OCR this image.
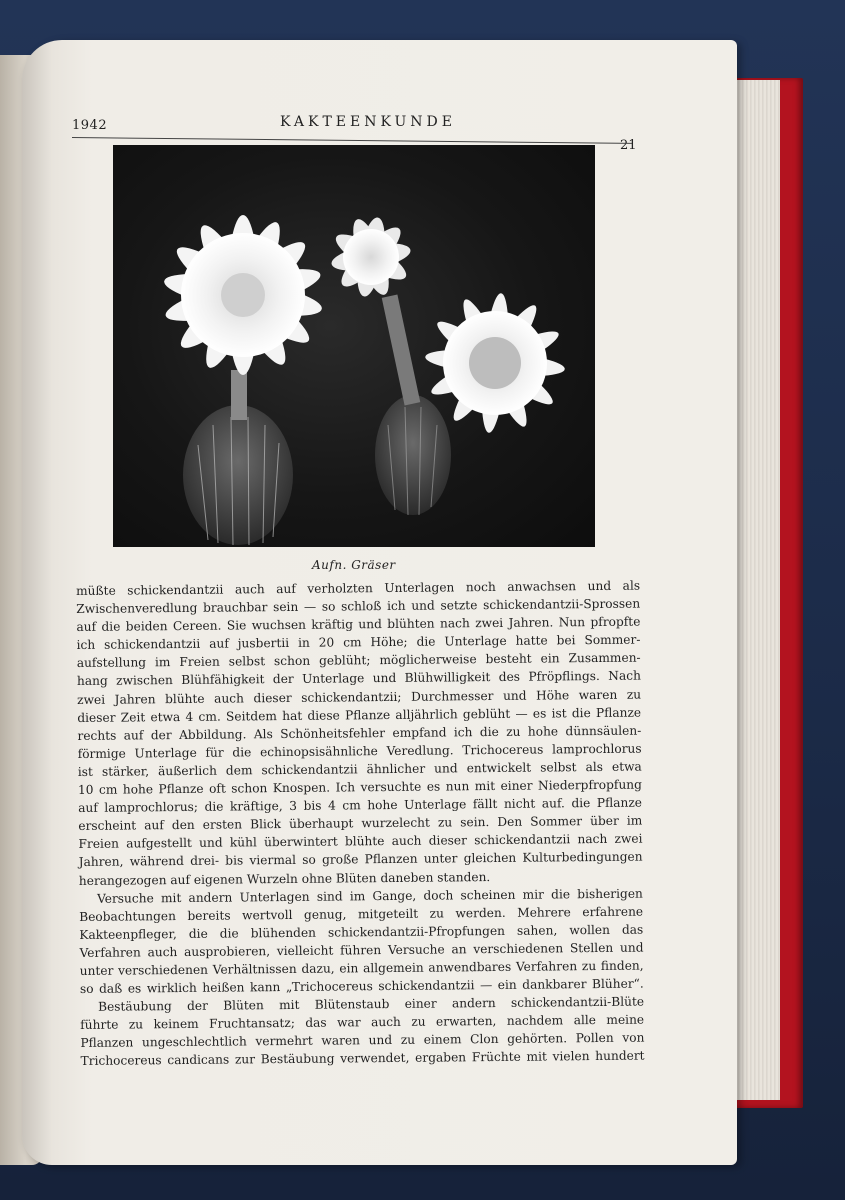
1942	KAKTEENKUNDE
21
Aufn. Gräser
müßte schickendantzii auch auf verholzten Unterlagen noch anwachsen und als
Zwischenveredlung brauchbar sein — so schloß ich und setzte schickendantzii-Sprossen
auf die beiden Cereen. Sie wuchsen kräftig und blühten nach zwei Jahren. Nun pfropfte
ich schickendantzii auf jusbertii in 20 cm Höhe; die Unterlage hatte bei Sommer-
aufstellung im Freien selbst schon geblüht; möglicherweise besteht ein Zusammen-
hang zwischen Blühfähigkeit der Unterlage und Blühwilligkeit des Pfröpflings. Nach
zwei Jahren blühte auch dieser schickendantzii; Durchmesser und Höhe waren zu
dieser Zeit etwa 4 cm. Seitdem hat diese Pflanze alljährlich geblüht — es ist die Pflanze
rechts auf der Abbildung. Als Schönheitsfehler empfand ich die zu hohe dünnsäulen-
förmige Unterlage für die echinopsisähnliche Veredlung. Trichocereus lamprochlorus
ist stärker, äußerlich dem schickendantzii ähnlicher und entwickelt selbst als etwa
10 cm hohe Pflanze oft schon Knospen. Ich versuchte es nun mit einer Niederpfropfung
auf lamprochlorus; die kräftige, 3 bis 4 cm hohe Unterlage fällt nicht auf. die Pflanze
erscheint auf den ersten Blick überhaupt wurzelecht zu sein. Den Sommer über im
Freien aufgestellt und kühl überwintert blühte auch dieser schickendantzii nach zwei
Jahren, während drei- bis viermal so große Pflanzen unter gleichen Kulturbedingungen
herangezogen auf eigenen Wurzeln ohne Blüten daneben standen.
Versuche mit andern Unterlagen sind im Gange, doch scheinen mir die bisherigen
Beobachtungen bereits wertvoll genug, mitgeteilt zu werden. Mehrere erfahrene
Kakteenpfleger, die die blühenden schickendantzii-Pfropfungen sahen, wollen das
Verfahren auch ausprobieren, vielleicht führen Versuche an verschiedenen Stellen und
unter verschiedenen Verhältnissen dazu, ein allgemein anwendbares Verfahren zu finden,
so daß es wirklich heißen kann „Trichocereus schickendantzii — ein dankbarer Blüher“.
Bestäubung der Blüten mit Blütenstaub einer andern schickendantzii-Blüte
führte zu keinem Fruchtansatz; das war auch zu erwarten, nachdem alle meine
Pflanzen ungeschlechtlich vermehrt waren und zu einem Clon gehörten. Pollen von
Trichocereus candicans zur Bestäubung verwendet, ergaben Früchte mit vielen hundert
